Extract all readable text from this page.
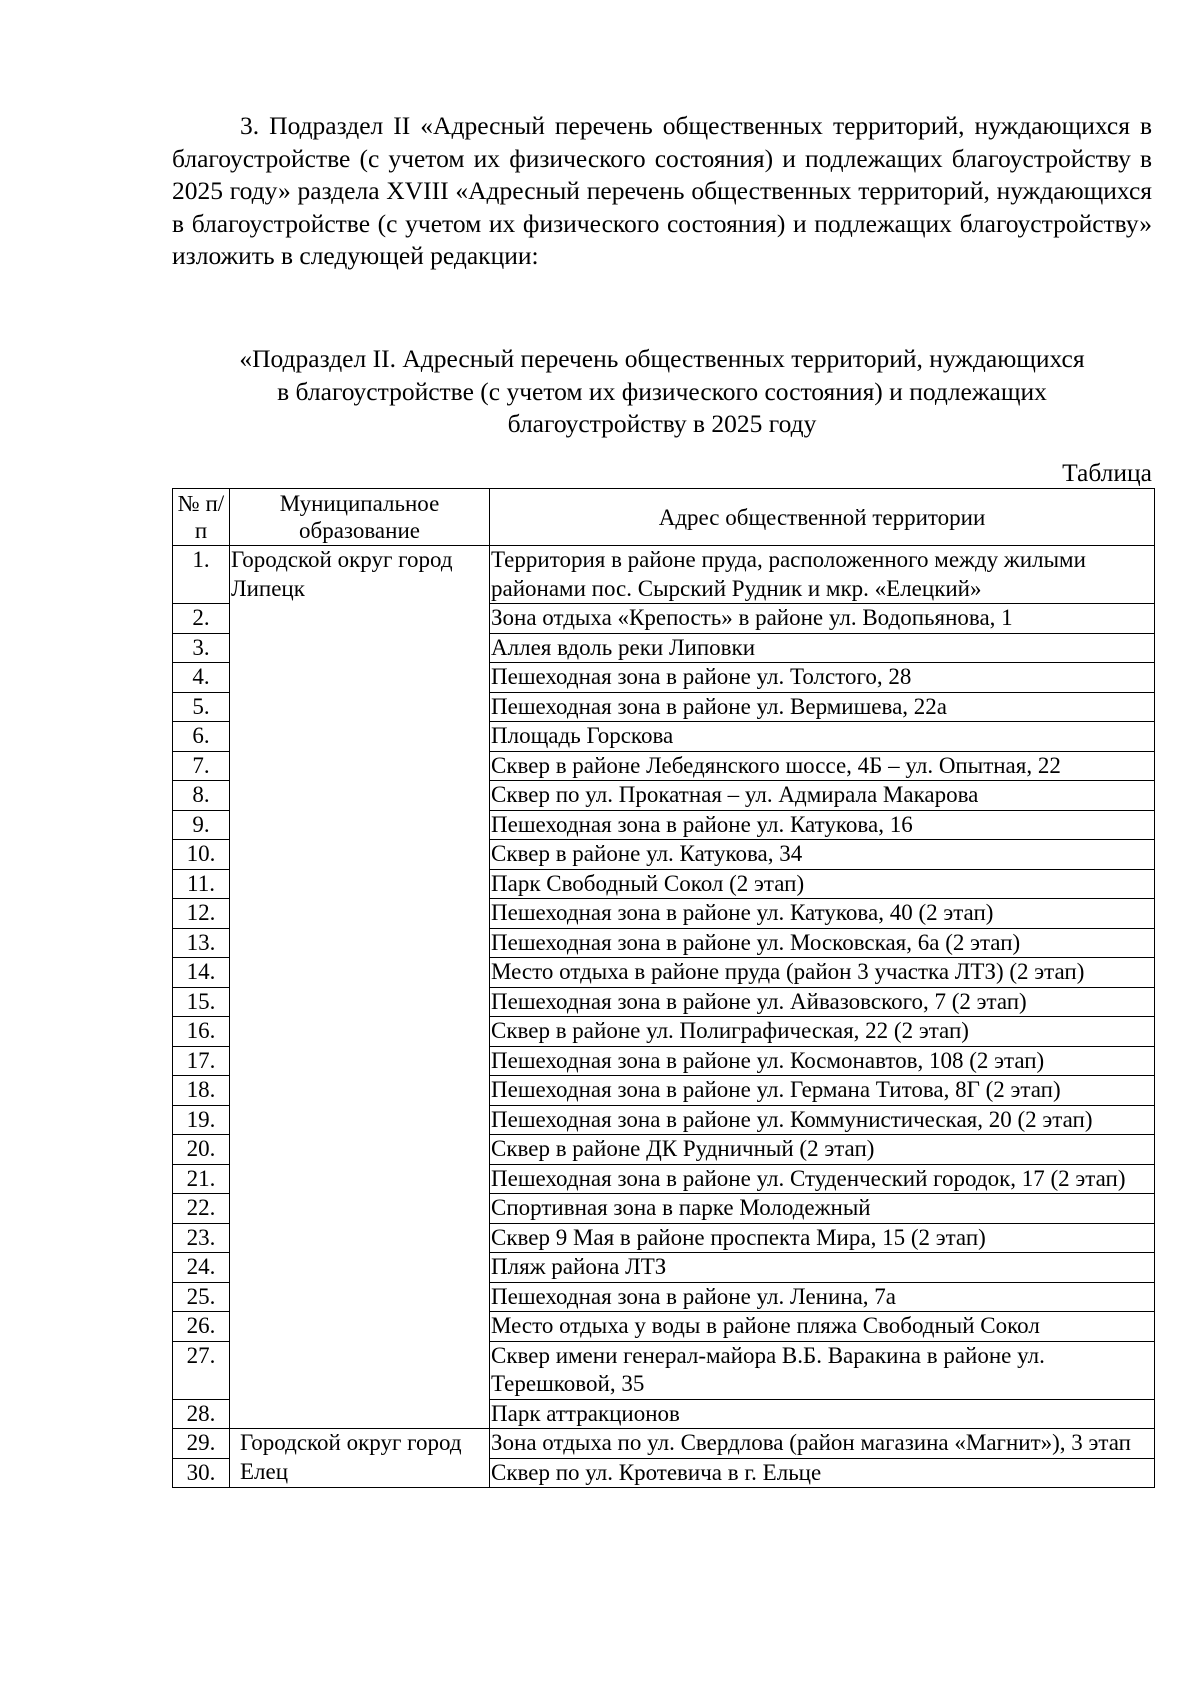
3. Подраздел II «Адресный перечень общественных территорий, нуждающихся в благоустройстве (с учетом их физического состояния) и подлежащих благоустройству в 2025 году» раздела XVIII «Адресный перечень общественных территорий, нуждающихся в благоустройстве (с учетом их физического состояния) и подлежащих благоустройству» изложить в следующей редакции:

«Подраздел II. Адресный перечень общественных территорий, нуждающихся
в благоустройстве (с учетом их физического состояния) и подлежащих
благоустройству в 2025 году
Таблица
№ п/п	Муниципальное образование	Адрес общественной территории
1.	Городской округ город Липецк	Территория в районе пруда, расположенного между жилыми районами пос. Сырский Рудник и мкр. «Елецкий»
2.		Зона отдыха «Крепость» в районе ул. Водопьянова, 1
3.		Аллея вдоль реки Липовки
4.		Пешеходная зона в районе ул. Толстого, 28
5.		Пешеходная зона в районе ул. Вермишева, 22а
6.		Площадь Горскова
7.		Сквер в районе Лебедянского шоссе, 4Б – ул. Опытная, 22
8.		Сквер по ул. Прокатная – ул. Адмирала Макарова
9.		Пешеходная зона в районе ул. Катукова, 16
10.		Сквер в районе ул. Катукова, 34
11.		Парк Свободный Сокол (2 этап)
12.		Пешеходная зона в районе ул. Катукова, 40 (2 этап)
13.		Пешеходная зона в районе ул. Московская, 6а (2 этап)
14.		Место отдыха в районе пруда (район 3 участка ЛТЗ) (2 этап)
15.		Пешеходная зона в районе ул. Айвазовского, 7 (2 этап)
16.		Сквер в районе ул. Полиграфическая, 22 (2 этап)
17.		Пешеходная зона в районе ул. Космонавтов, 108 (2 этап)
18.		Пешеходная зона в районе ул. Германа Титова, 8Г (2 этап)
19.		Пешеходная зона в районе ул. Коммунистическая, 20 (2 этап)
20.		Сквер в районе ДК Рудничный (2 этап)
21.		Пешеходная зона в районе ул. Студенческий городок, 17 (2 этап)
22.		Спортивная зона в парке Молодежный
23.		Сквер 9 Мая в районе проспекта Мира, 15 (2 этап)
24.		Пляж района ЛТЗ
25.		Пешеходная зона в районе ул. Ленина, 7а
26.		Место отдыха у воды в районе пляжа Свободный Сокол
27.		Сквер имени генерал-майора В.Б. Варакина в районе ул. Терешковой, 35
28.		Парк аттракционов
29.	Городской округ город Елец	Зона отдыха по ул. Свердлова (район магазина «Магнит»), 3 этап
30.		Сквер по ул. Кротевича в г. Ельце
